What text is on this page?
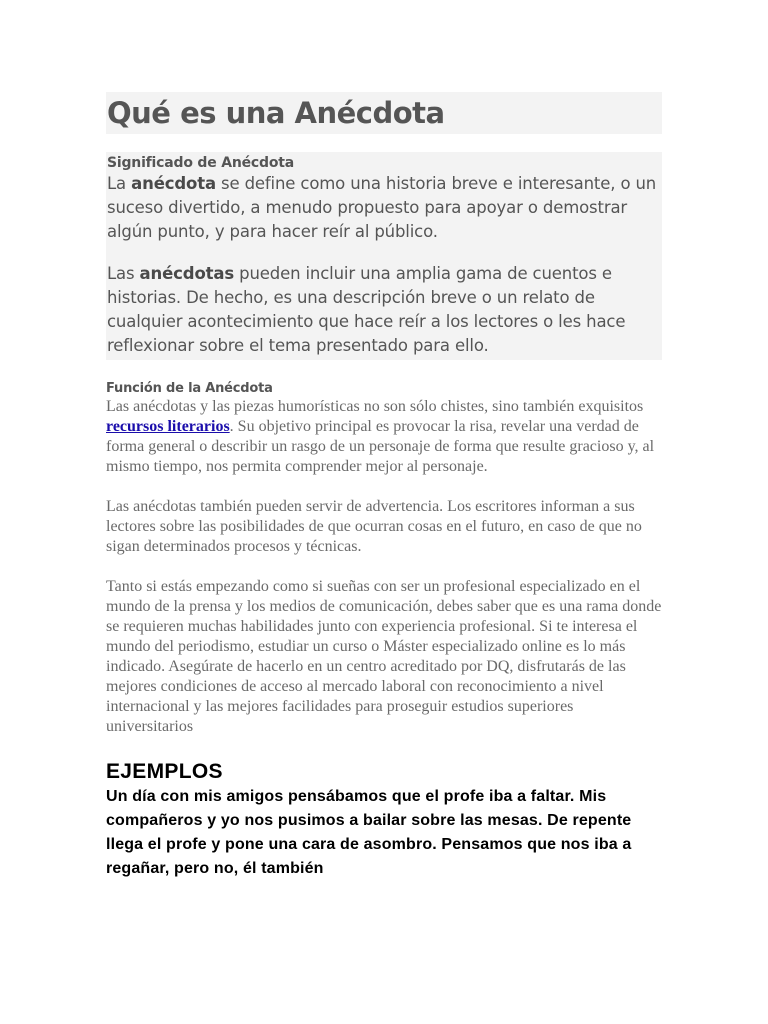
Qué es una Anécdota
Significado de Anécdota

La anécdota se define como una historia breve e interesante, o un suceso divertido, a menudo propuesto para apoyar o demostrar algún punto, y para hacer reír al público.

Las anécdotas pueden incluir una amplia gama de cuentos e historias. De hecho, es una descripción breve o un relato de cualquier acontecimiento que hace reír a los lectores o les hace reflexionar sobre el tema presentado para ello.

Función de la Anécdota

Las anécdotas y las piezas humorísticas no son sólo chistes, sino también exquisitos recursos literarios. Su objetivo principal es provocar la risa, revelar una verdad de forma general o describir un rasgo de un personaje de forma que resulte gracioso y, al mismo tiempo, nos permita comprender mejor al personaje.

Las anécdotas también pueden servir de advertencia. Los escritores informan a sus lectores sobre las posibilidades de que ocurran cosas en el futuro, en caso de que no sigan determinados procesos y técnicas.

Tanto si estás empezando como si sueñas con ser un profesional especializado en el mundo de la prensa y los medios de comunicación, debes saber que es una rama donde se requieren muchas habilidades junto con experiencia profesional. Si te interesa el mundo del periodismo, estudiar un curso o Máster especializado online es lo más indicado. Asegúrate de hacerlo en un centro acreditado por DQ, disfrutarás de las mejores condiciones de acceso al mercado laboral con reconocimiento a nivel internacional y las mejores facilidades para proseguir estudios superiores universitarios

EJEMPLOS

Un día con mis amigos pensábamos que el profe iba a faltar. Mis compañeros y yo nos pusimos a bailar sobre las mesas. De repente llega el profe y pone una cara de asombro. Pensamos que nos iba a regañar, pero no, él también
